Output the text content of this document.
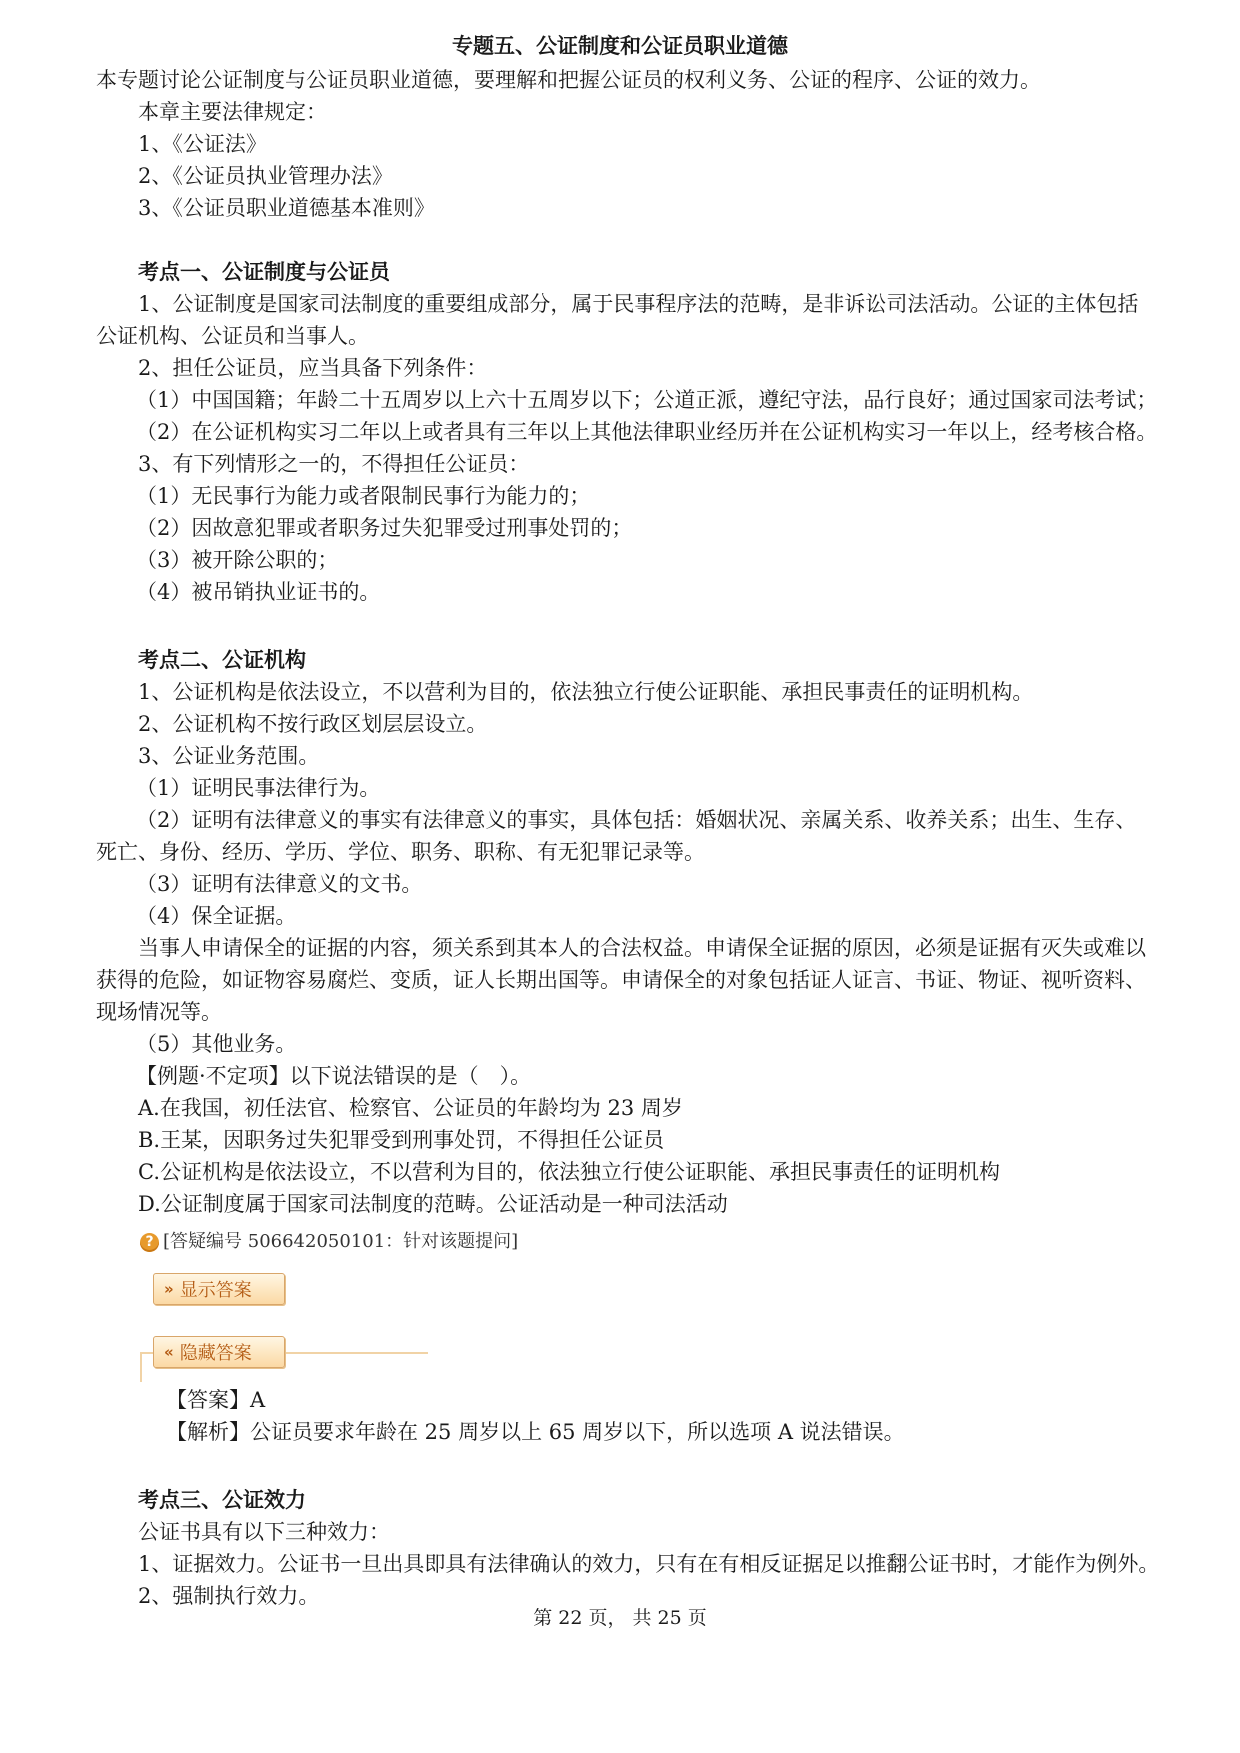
专题五、公证制度和公证员职业道德
本专题讨论公证制度与公证员职业道德，要理解和把握公证员的权利义务、公证的程序、公证的效力。
本章主要法律规定：
1、《公证法》
2、《公证员执业管理办法》
3、《公证员职业道德基本准则》
考点一、公证制度与公证员
1、公证制度是国家司法制度的重要组成部分，属于民事程序法的范畴，是非诉讼司法活动。公证的主体包括
公证机构、公证员和当事人。
2、担任公证员，应当具备下列条件：
（1）中国国籍；年龄二十五周岁以上六十五周岁以下；公道正派，遵纪守法，品行良好；通过国家司法考试；
（2）在公证机构实习二年以上或者具有三年以上其他法律职业经历并在公证机构实习一年以上，经考核合格。
3、有下列情形之一的，不得担任公证员：
（1）无民事行为能力或者限制民事行为能力的；
（2）因故意犯罪或者职务过失犯罪受过刑事处罚的；
（3）被开除公职的；
（4）被吊销执业证书的。
考点二、公证机构
1、公证机构是依法设立，不以营利为目的，依法独立行使公证职能、承担民事责任的证明机构。
2、公证机构不按行政区划层层设立。
3、公证业务范围。
（1）证明民事法律行为。
（2）证明有法律意义的事实有法律意义的事实，具体包括：婚姻状况、亲属关系、收养关系；出生、生存、
死亡、身份、经历、学历、学位、职务、职称、有无犯罪记录等。
（3）证明有法律意义的文书。
（4）保全证据。
当事人申请保全的证据的内容，须关系到其本人的合法权益。申请保全证据的原因，必须是证据有灭失或难以
获得的危险，如证物容易腐烂、变质，证人长期出国等。申请保全的对象包括证人证言、书证、物证、视听资料、
现场情况等。
（5）其他业务。
【例题·不定项】以下说法错误的是（　）。
A.在我国，初任法官、检察官、公证员的年龄均为 23 周岁
B.王某，因职务过失犯罪受到刑事处罚，不得担任公证员
C.公证机构是依法设立，不以营利为目的，依法独立行使公证职能、承担民事责任的证明机构
D.公证制度属于国家司法制度的范畴。公证活动是一种司法活动
? [答疑编号 506642050101：针对该题提问]
» 显示答案
« 隐藏答案
【答案】A
【解析】公证员要求年龄在 25 周岁以上 65 周岁以下，所以选项 A 说法错误。
考点三、公证效力
公证书具有以下三种效力：
1、证据效力。公证书一旦出具即具有法律确认的效力，只有在有相反证据足以推翻公证书时，才能作为例外。
2、强制执行效力。
第 22 页， 共 25 页
